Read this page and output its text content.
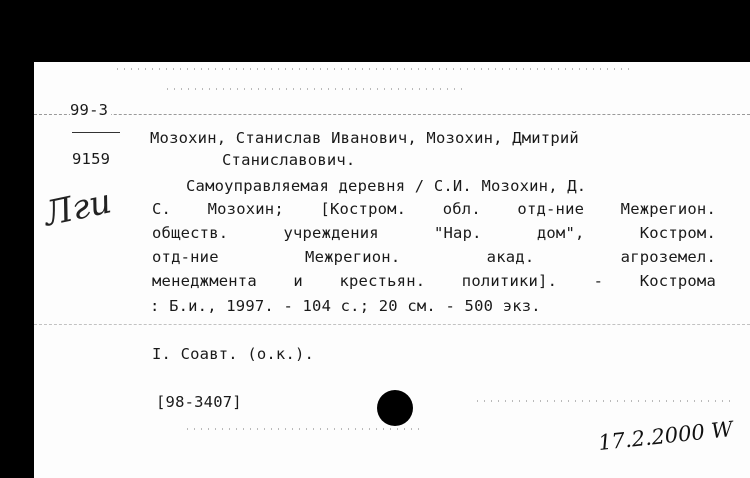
99-3
9159
Мозохин, Станислав Иванович, Мозохин, Дмитрий
Станиславович.
Самоуправляемая деревня / С.И. Мозохин, Д.
С. Мозохин; [Костром. обл. отд-ние Межрегион.
обществ. учреждения "Нар. дом", Костром.
отд-ние Межрегион. акад. агроземел.
менеджмента и крестьян. политики]. - Кострома
: Б.и., 1997. - 104 с.; 20 см. - 500 экз.
I. Соавт. (о.к.).
[98-3407]
Лги
17.2.2000 W
